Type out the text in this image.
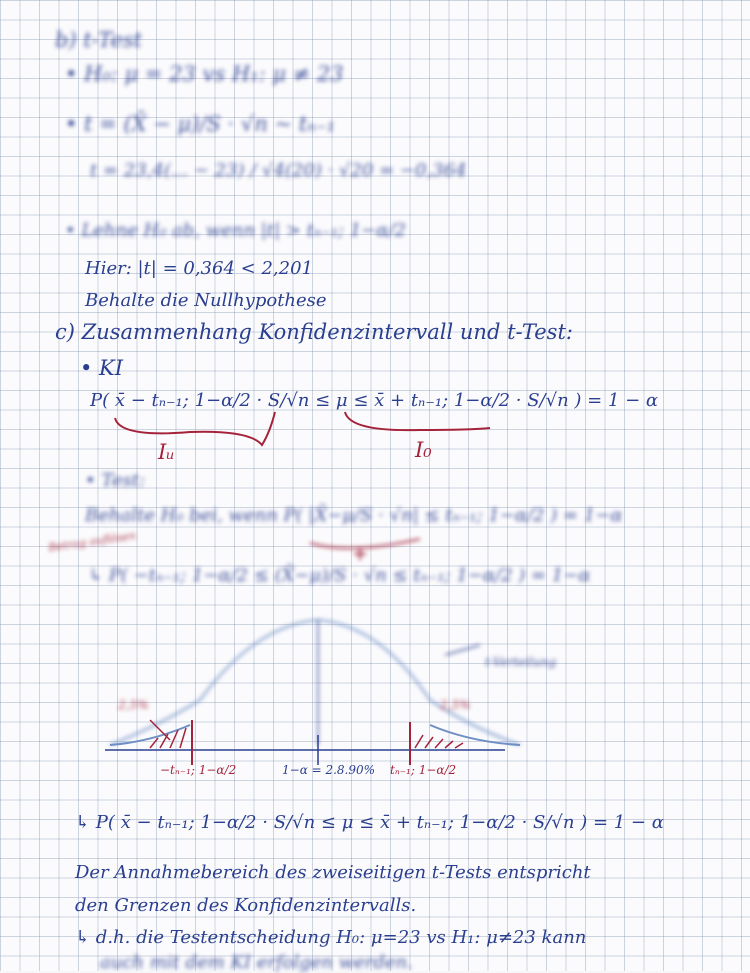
b) t-Test
• H₀: μ = 23 vs H₁: μ ≠ 23
• t = (X̄ − μ)/S · √n ~ tₙ₋₁
t = 23,4(... − 23) / √4(20) · √20 = −0,364
• Lehne H₀ ab, wenn |t| > tₙ₋₁; 1−α/2
Hier: |t| = 0,364 < 2,201
Behalte die Nullhypothese
c) Zusammenhang Konfidenzintervall und t-Test:
• KI
P( x̄ − tₙ₋₁; 1−α/2 · S/√n ≤ μ ≤ x̄ + tₙ₋₁; 1−α/2 · S/√n ) = 1 − α
Iᵤ	I₀
• Test:
Behalte H₀ bei, wenn P( |X̄−μ/S · √n| ≤ tₙ₋₁; 1−α/2 ) = 1−α
Betrag auflösen
↳ P( −tₙ₋₁; 1−α/2 ≤ (X̄−μ)/S · √n ≤ tₙ₋₁; 1−α/2 ) = 1−α
t-Verteilung
2,5%	2,5%
−tₙ₋₁; 1−α/2	1−α = 2.8.90% tₙ₋₁; 1−α/2
↳ P( x̄ − tₙ₋₁; 1−α/2 · S/√n ≤ μ ≤ x̄ + tₙ₋₁; 1−α/2 · S/√n ) = 1 − α
Der Annahmebereich des zweiseitigen t-Tests entspricht
den Grenzen des Konfidenzintervalls.
↳ d.h. die Testentscheidung H₀: μ=23 vs H₁: μ≠23 kann
auch mit dem KI erfolgen werden.
